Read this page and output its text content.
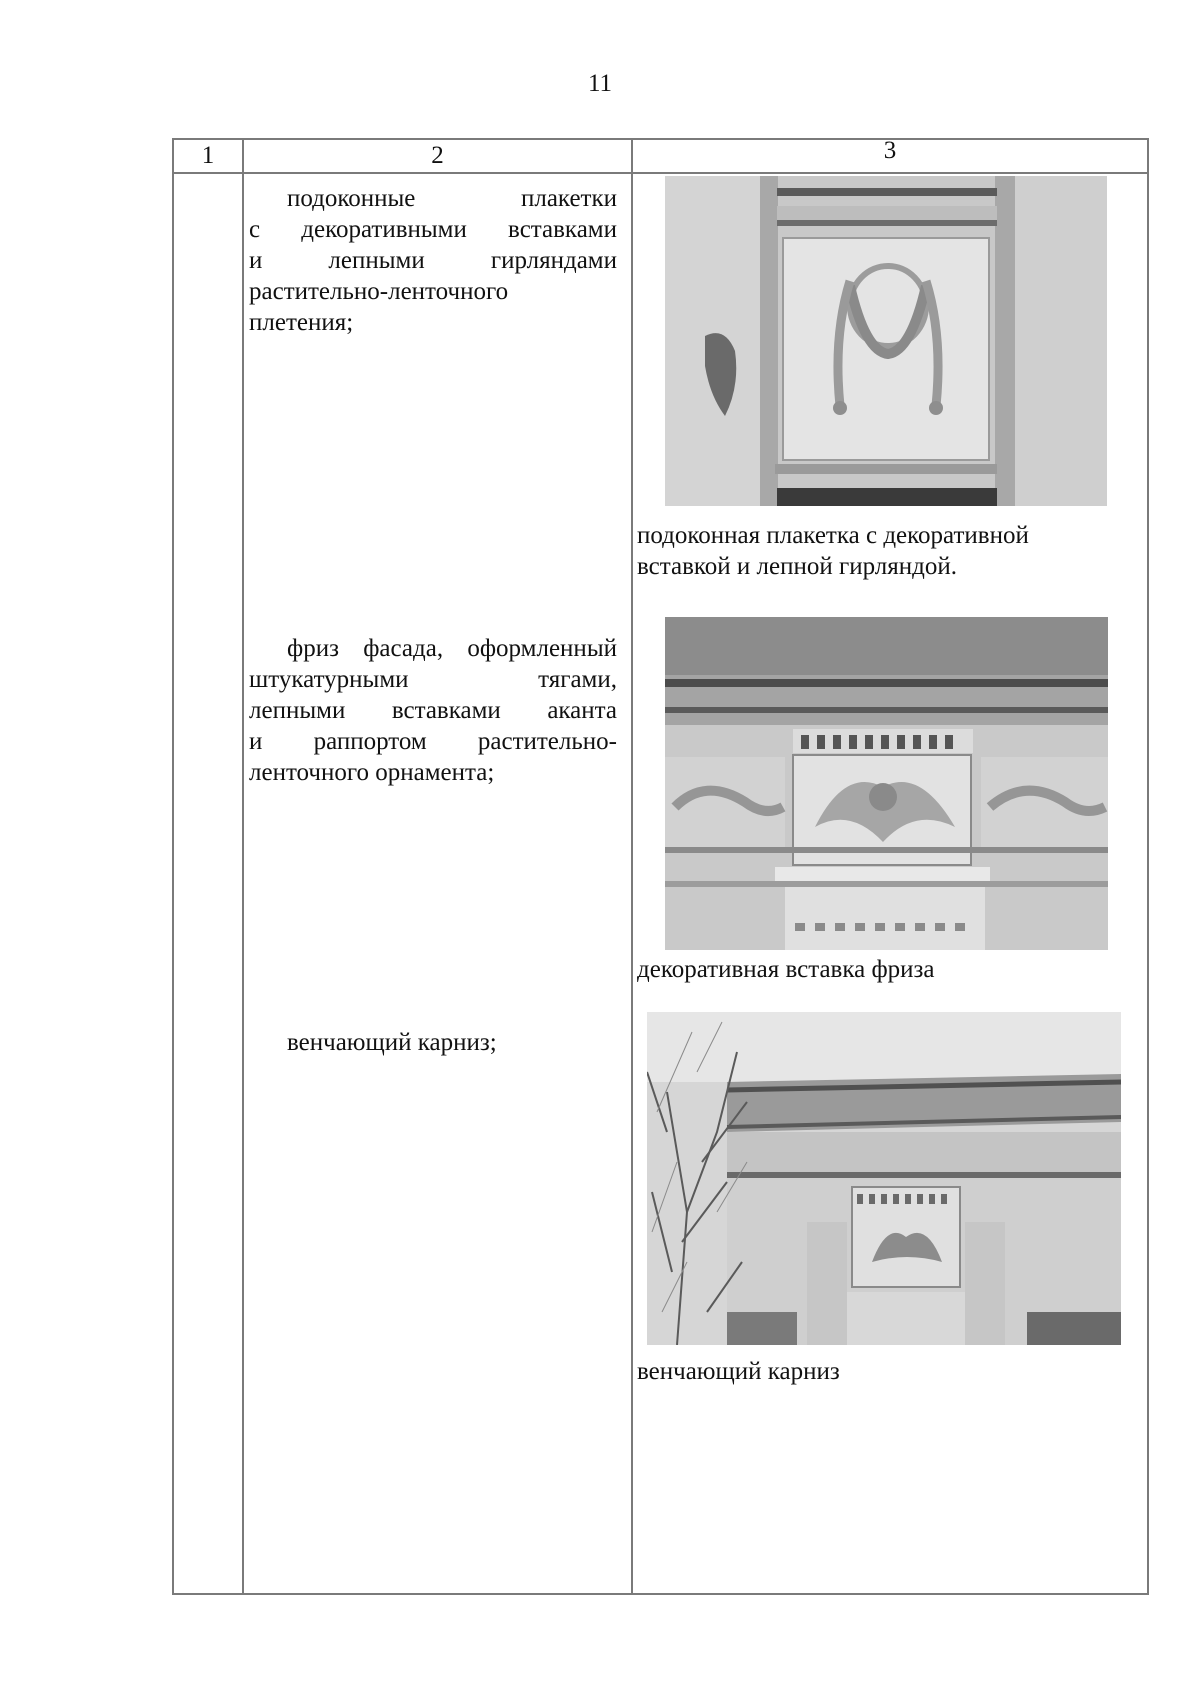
11
1	2	3
подоконные плакетки
с декоративными вставками
и лепными гирляндами
растительно-ленточного
плетения;
подоконная плакетка с декоративной
вставкой и лепной гирляндой.
фриз фасада, оформленный
штукатурными тягами,
лепными вставками аканта
и раппортом растительно-
ленточного орнамента;
декоративная вставка фриза
венчающий карниз;
венчающий карниз
